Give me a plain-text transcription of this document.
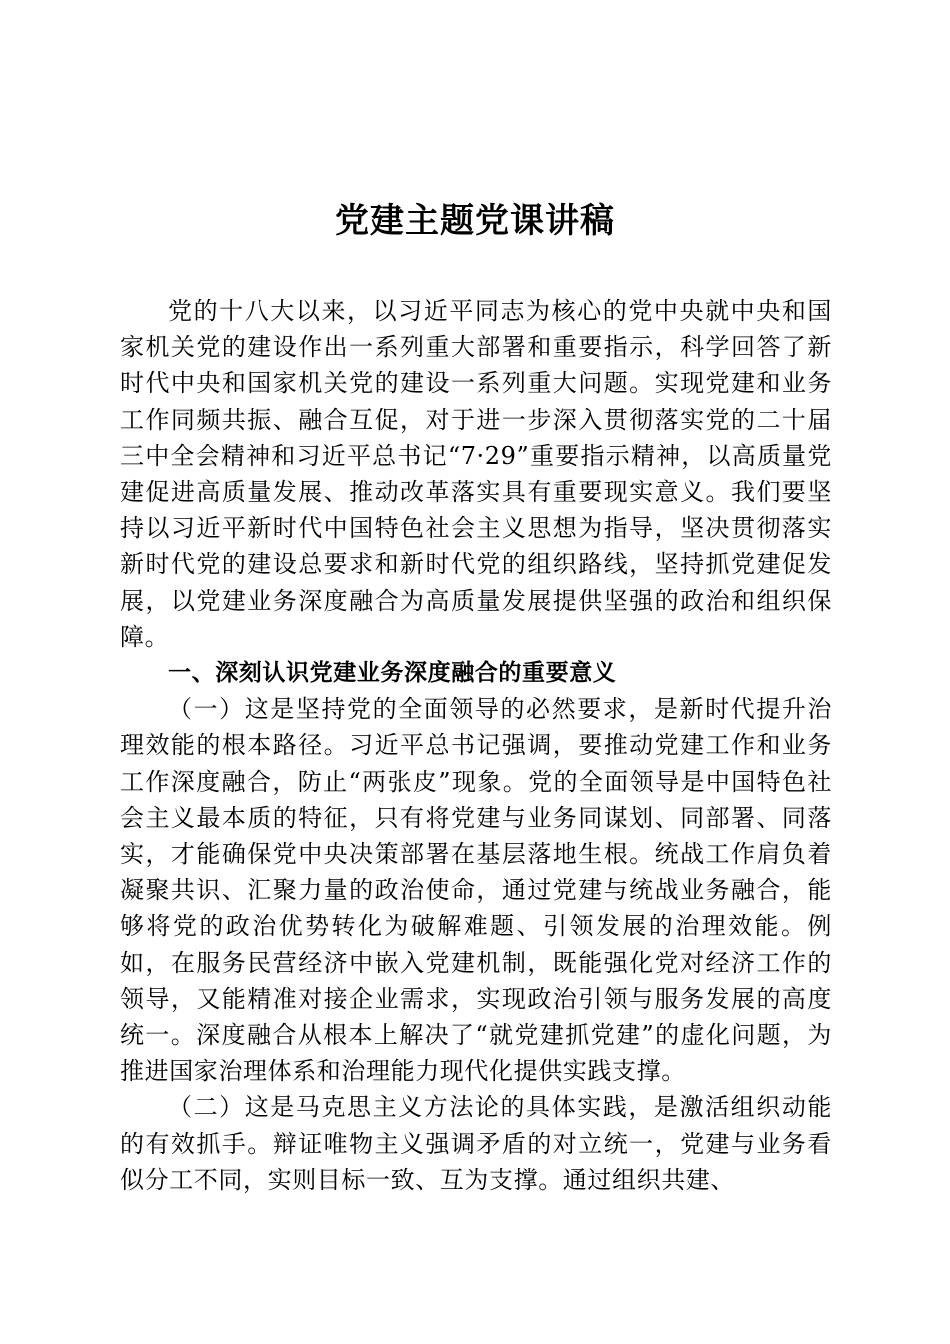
党建主题党课讲稿

党的十八大以来，以习近平同志为核心的党中央就中央和国家机关党的建设作出一系列重大部署和重要指示，科学回答了新时代中央和国家机关党的建设一系列重大问题。实现党建和业务工作同频共振、融合互促，对于进一步深入贯彻落实党的二十届三中全会精神和习近平总书记“7·29”重要指示精神，以高质量党建促进高质量发展、推动改革落实具有重要现实意义。我们要坚持以习近平新时代中国特色社会主义思想为指导，坚决贯彻落实新时代党的建设总要求和新时代党的组织路线，坚持抓党建促发展，以党建业务深度融合为高质量发展提供坚强的政治和组织保障。

一、深刻认识党建业务深度融合的重要意义

（一）这是坚持党的全面领导的必然要求，是新时代提升治理效能的根本路径。习近平总书记强调，要推动党建工作和业务工作深度融合，防止“两张皮”现象。党的全面领导是中国特色社会主义最本质的特征，只有将党建与业务同谋划、同部署、同落实，才能确保党中央决策部署在基层落地生根。统战工作肩负着凝聚共识、汇聚力量的政治使命，通过党建与统战业务融合，能够将党的政治优势转化为破解难题、引领发展的治理效能。例如，在服务民营经济中嵌入党建机制，既能强化党对经济工作的领导，又能精准对接企业需求，实现政治引领与服务发展的高度统一。深度融合从根本上解决了“就党建抓党建”的虚化问题，为推进国家治理体系和治理能力现代化提供实践支撑。

（二）这是马克思主义方法论的具体实践，是激活组织动能的有效抓手。辩证唯物主义强调矛盾的对立统一，党建与业务看似分工不同，实则目标一致、互为支撑。通过组织共建、
